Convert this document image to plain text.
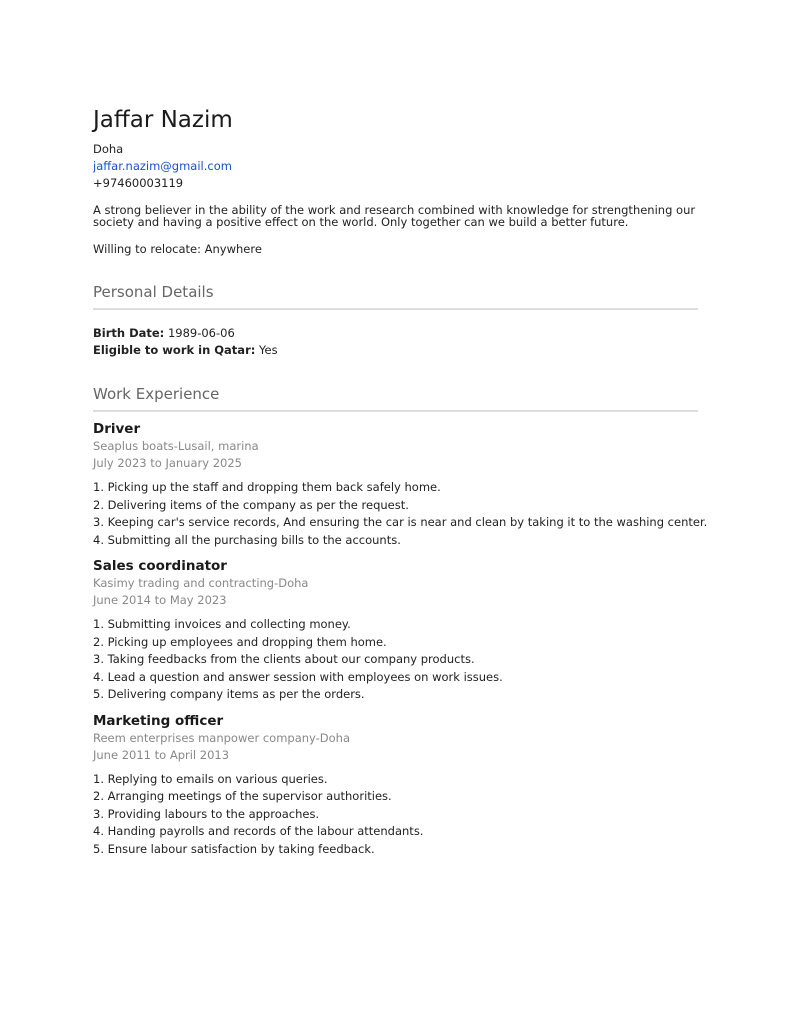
Jaffar Nazim
Doha
jaffar.nazim@gmail.com
+97460003119
A strong believer in the ability of the work and research combined with knowledge for strengthening our society and having a positive effect on the world. Only together can we build a better future.
Willing to relocate: Anywhere
Personal Details
Birth Date: 1989-06-06
Eligible to work in Qatar: Yes
Work Experience
Driver
Seaplus boats-Lusail, marina
July 2023 to January 2025
1. Picking up the staff and dropping them back safely home.
2. Delivering items of the company as per the request.
3. Keeping car's service records, And ensuring the car is near and clean by taking it to the washing center.
4. Submitting all the purchasing bills to the accounts.
Sales coordinator
Kasimy trading and contracting-Doha
June 2014 to May 2023
1. Submitting invoices and collecting money.
2. Picking up employees and dropping them home.
3. Taking feedbacks from the clients about our company products.
4. Lead a question and answer session with employees on work issues.
5. Delivering company items as per the orders.
Marketing officer
Reem enterprises manpower company-Doha
June 2011 to April 2013
1. Replying to emails on various queries.
2. Arranging meetings of the supervisor authorities.
3. Providing labours to the approaches.
4. Handing payrolls and records of the labour attendants.
5. Ensure labour satisfaction by taking feedback.
